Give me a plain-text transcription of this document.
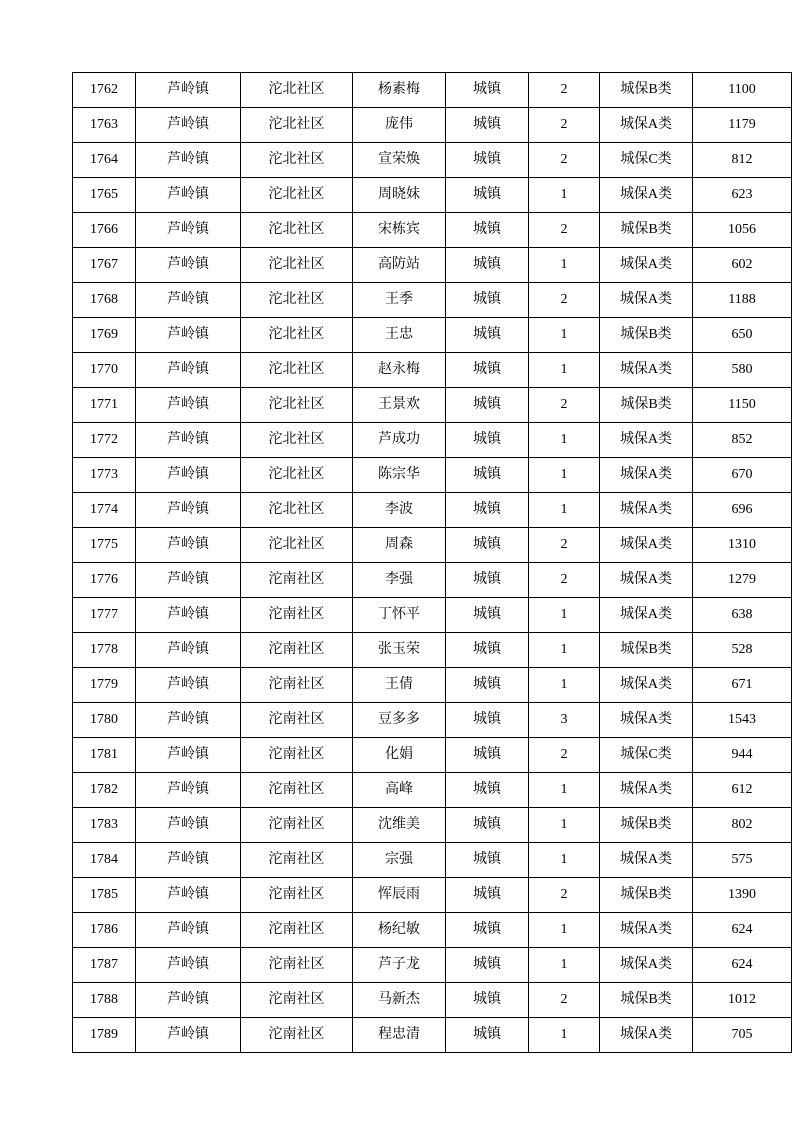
1762	芦岭镇	沱北社区	杨素梅	城镇	2	城保B类	1100
1763	芦岭镇	沱北社区	庞伟	城镇	2	城保A类	1179
1764	芦岭镇	沱北社区	宣荣焕	城镇	2	城保C类	812
1765	芦岭镇	沱北社区	周晓妹	城镇	1	城保A类	623
1766	芦岭镇	沱北社区	宋栋宾	城镇	2	城保B类	1056
1767	芦岭镇	沱北社区	高防站	城镇	1	城保A类	602
1768	芦岭镇	沱北社区	王季	城镇	2	城保A类	1188
1769	芦岭镇	沱北社区	王忠	城镇	1	城保B类	650
1770	芦岭镇	沱北社区	赵永梅	城镇	1	城保A类	580
1771	芦岭镇	沱北社区	王景欢	城镇	2	城保B类	1150
1772	芦岭镇	沱北社区	芦成功	城镇	1	城保A类	852
1773	芦岭镇	沱北社区	陈宗华	城镇	1	城保A类	670
1774	芦岭镇	沱北社区	李波	城镇	1	城保A类	696
1775	芦岭镇	沱北社区	周森	城镇	2	城保A类	1310
1776	芦岭镇	沱南社区	李强	城镇	2	城保A类	1279
1777	芦岭镇	沱南社区	丁怀平	城镇	1	城保A类	638
1778	芦岭镇	沱南社区	张玉荣	城镇	1	城保B类	528
1779	芦岭镇	沱南社区	王倩	城镇	1	城保A类	671
1780	芦岭镇	沱南社区	豆多多	城镇	3	城保A类	1543
1781	芦岭镇	沱南社区	化娟	城镇	2	城保C类	944
1782	芦岭镇	沱南社区	高峰	城镇	1	城保A类	612
1783	芦岭镇	沱南社区	沈维美	城镇	1	城保B类	802
1784	芦岭镇	沱南社区	宗强	城镇	1	城保A类	575
1785	芦岭镇	沱南社区	恽辰雨	城镇	2	城保B类	1390
1786	芦岭镇	沱南社区	杨纪敏	城镇	1	城保A类	624
1787	芦岭镇	沱南社区	芦子龙	城镇	1	城保A类	624
1788	芦岭镇	沱南社区	马新杰	城镇	2	城保B类	1012
1789	芦岭镇	沱南社区	程忠清	城镇	1	城保A类	705
